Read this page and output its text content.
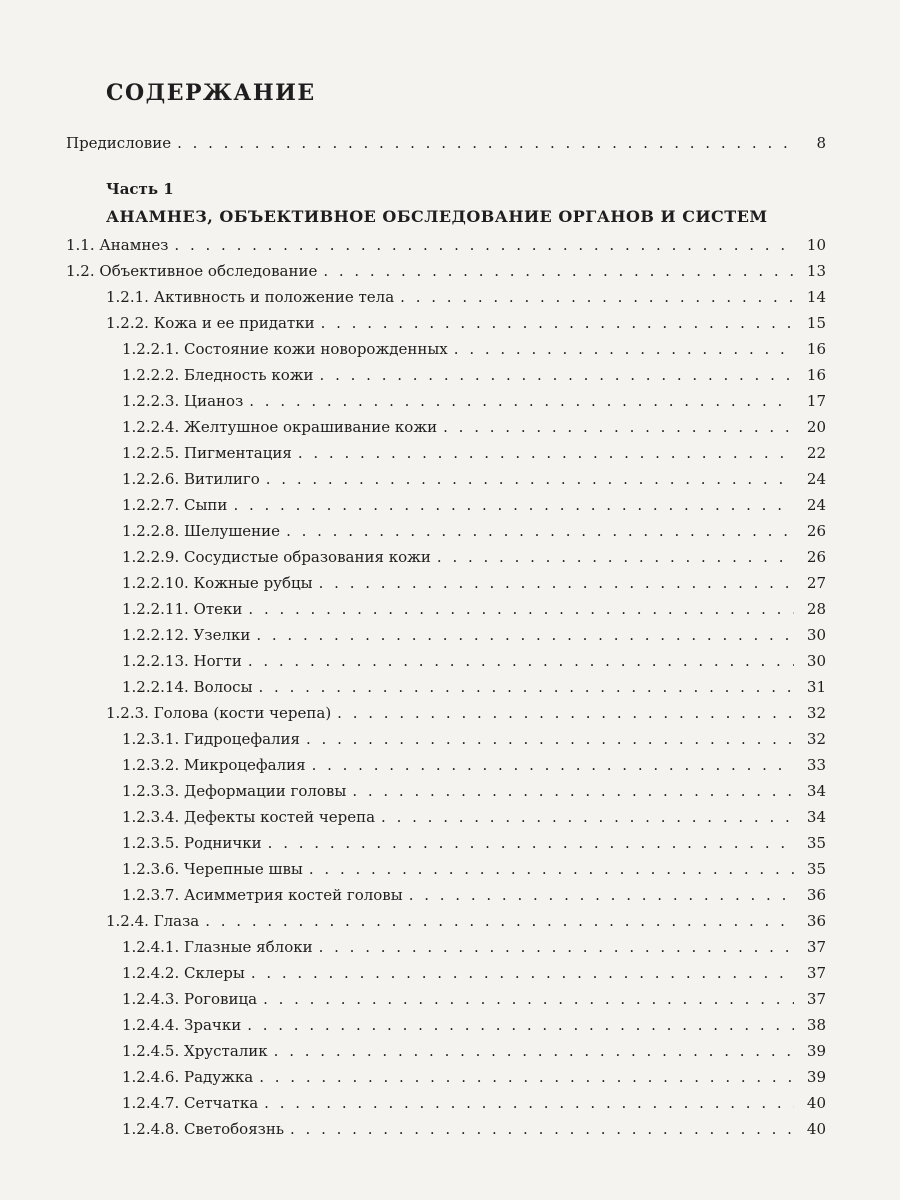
СОДЕРЖАНИЕ
Предисловие . . .	8
Часть 1
АНАМНЕЗ, ОБЪЕКТИВНОЕ ОБСЛЕДОВАНИЕ ОРГАНОВ И СИСТЕМ
1.1. Анамнез . . .	10
1.2. Объективное обследование . . .	13
1.2.1. Активность и положение тела . . .	14
1.2.2. Кожа и ее придатки . . .	15
1.2.2.1. Состояние кожи новорожденных . . .	16
1.2.2.2. Бледность кожи . . .	16
1.2.2.3. Цианоз . . .	17
1.2.2.4. Желтушное окрашивание кожи . . .	20
1.2.2.5. Пигментация . . .	22
1.2.2.6. Витилиго . . .	24
1.2.2.7. Сыпи . . .	24
1.2.2.8. Шелушение . . .	26
1.2.2.9. Сосудистые образования кожи . . .	26
1.2.2.10. Кожные рубцы . . .	27
1.2.2.11. Отеки . . .	28
1.2.2.12. Узелки . . .	30
1.2.2.13. Ногти . . .	30
1.2.2.14. Волосы . . .	31
1.2.3. Голова (кости черепа) . . .	32
1.2.3.1. Гидроцефалия . . .	32
1.2.3.2. Микроцефалия . . .	33
1.2.3.3. Деформации головы . . .	34
1.2.3.4. Дефекты костей черепа . . .	34
1.2.3.5. Роднички . . .	35
1.2.3.6. Черепные швы . . .	35
1.2.3.7. Асимметрия костей головы . . .	36
1.2.4. Глаза . . .	36
1.2.4.1. Глазные яблоки . . .	37
1.2.4.2. Склеры . . .	37
1.2.4.3. Роговица . . .	37
1.2.4.4. Зрачки . . .	38
1.2.4.5. Хрусталик . . .	39
1.2.4.6. Радужка . . .	39
1.2.4.7. Сетчатка . . .	40
1.2.4.8. Светобоязнь . . .	40
